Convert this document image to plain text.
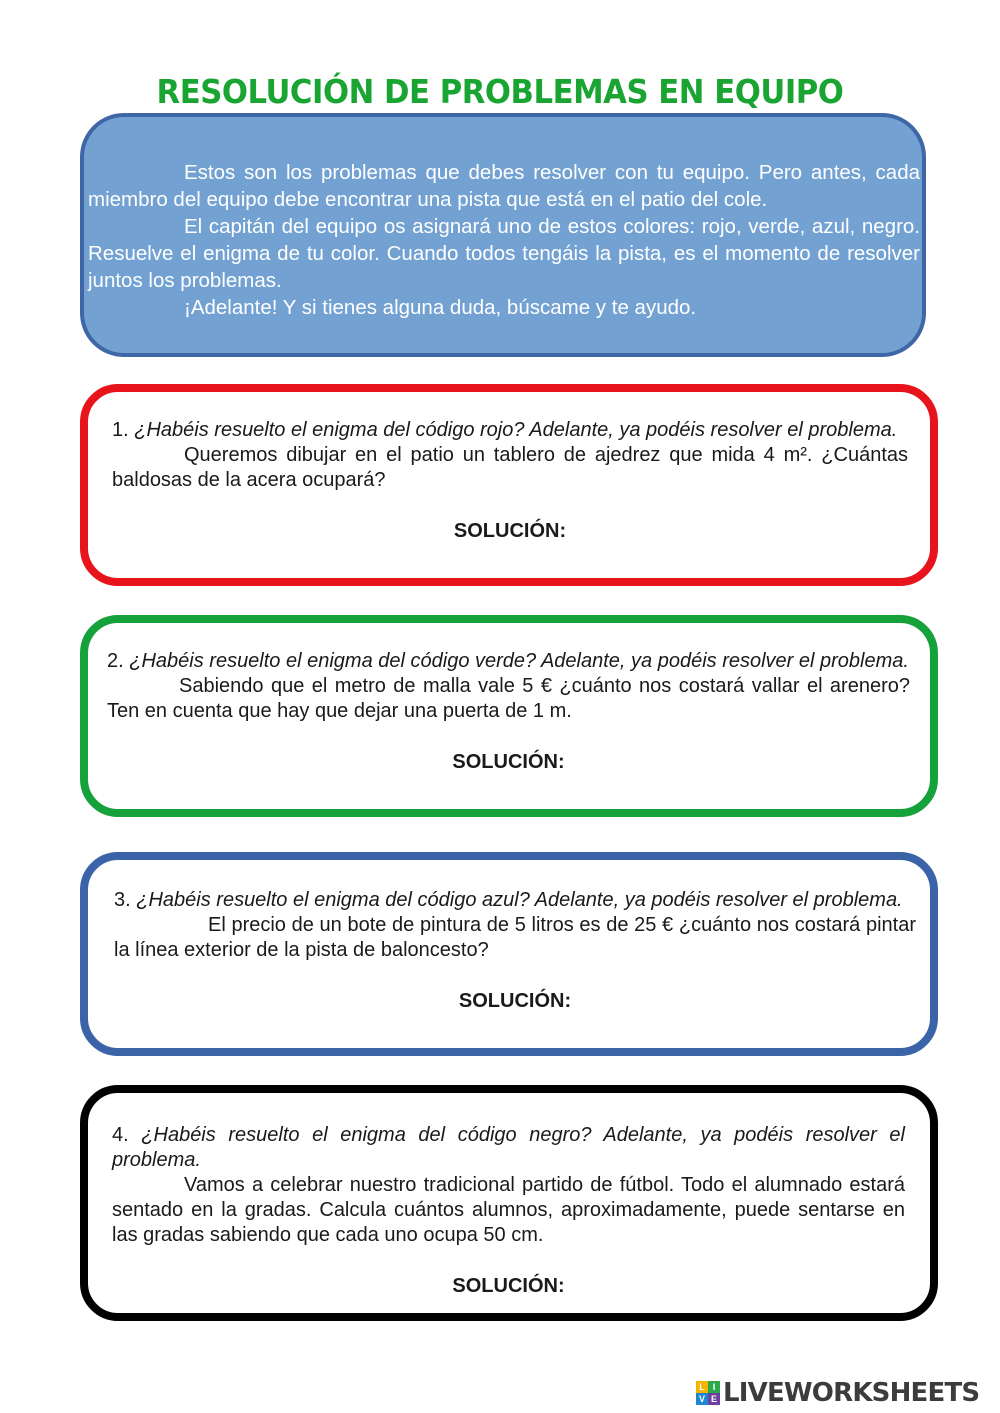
RESOLUCIÓN DE PROBLEMAS EN EQUIPO

Estos son los problemas que debes resolver con tu equipo. Pero antes, cada miembro del equipo debe encontrar una pista que está en el patio del cole.

El capitán del equipo os asignará uno de estos colores: rojo, verde, azul, negro. Resuelve el enigma de tu color. Cuando todos tengáis la pista, es el momento de resolver juntos los problemas.

¡Adelante! Y si tienes alguna duda, búscame y te ayudo.

1. ¿Habéis resuelto el enigma del código rojo? Adelante, ya podéis resolver el problema.

Queremos dibujar en el patio un tablero de ajedrez que mida 4 m². ¿Cuántas baldosas de la acera ocupará?

SOLUCIÓN:

2. ¿Habéis resuelto el enigma del código verde? Adelante, ya podéis resolver el problema.

Sabiendo que el metro de malla vale 5 € ¿cuánto nos costará vallar el arenero? Ten en cuenta que hay que dejar una puerta de 1 m.

SOLUCIÓN:

3. ¿Habéis resuelto el enigma del código azul? Adelante, ya podéis resolver el problema.

El precio de un bote de pintura de 5 litros es de 25 € ¿cuánto nos costará pintar la línea exterior de la pista de baloncesto?

SOLUCIÓN:

4. ¿Habéis resuelto el enigma del código negro? Adelante, ya podéis resolver el problema.

Vamos a celebrar nuestro tradicional partido de fútbol. Todo el alumnado estará sentado en la gradas. Calcula cuántos alumnos, aproximadamente, puede sentarse en las gradas sabiendo que cada uno ocupa 50 cm.

SOLUCIÓN:

L I
V E LIVEWORKSHEETS
